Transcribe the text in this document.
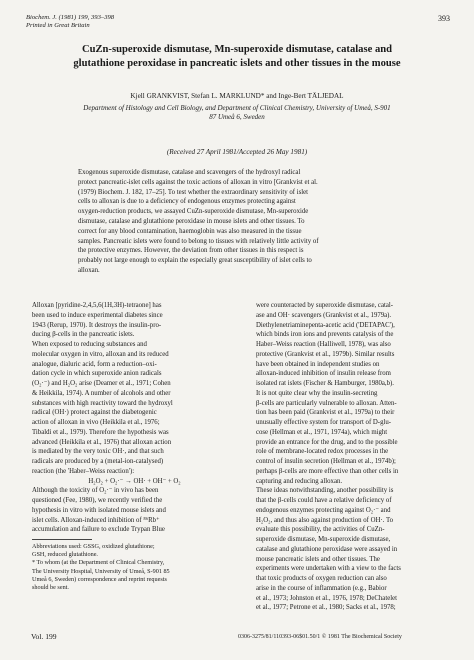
Biochem. J. (1981) 199, 393–398
Printed in Great Britain
393
CuZn-superoxide dismutase, Mn-superoxide dismutase, catalase and
glutathione peroxidase in pancreatic islets and other tissues in the mouse
Kjell GRANKVIST, Stefan L. MARKLUND* and Inge-Bert TÄLJEDAL
Department of Histology and Cell Biology, and Department of Clinical Chemistry, University of Umeå, S-901
87 Umeå 6, Sweden
(Received 27 April 1981/Accepted 26 May 1981)
Exogenous superoxide dismutase, catalase and scavengers of the hydroxyl radical
protect pancreatic-islet cells against the toxic actions of alloxan in vitro [Grankvist et al.
(1979) Biochem. J. 182, 17–25]. To test whether the extraordinary sensitivity of islet
cells to alloxan is due to a deficiency of endogenous enzymes protecting against
oxygen-reduction products, we assayed CuZn-superoxide dismutase, Mn-superoxide
dismutase, catalase and glutathione peroxidase in mouse islets and other tissues. To
correct for any blood contamination, haemoglobin was also measured in the tissue
samples. Pancreatic islets were found to belong to tissues with relatively little activity of
the protective enzymes. However, the deviation from other tissues in this respect is
probably not large enough to explain the especially great susceptibility of islet cells to
alloxan.
Alloxan [pyridine-2,4,5,6(1H,3H)-tetraone] has
been used to induce experimental diabetes since
1943 (Rerup, 1970). It destroys the insulin-pro-
ducing β-cells in the pancreatic islets.
When exposed to reducing substances and
molecular oxygen in vitro, alloxan and its reduced
analogue, dialuric acid, form a reduction–oxi-
dation cycle in which superoxide anion radicals
(O₂·⁻) and H₂O₂ arise (Deamer et al., 1971; Cohen
& Heikkila, 1974). A number of alcohols and other
substances with high reactivity toward the hydroxyl
radical (OH·) protect against the diabetogenic
action of alloxan in vivo (Heikkila et al., 1976;
Tibaldi et al., 1979). Therefore the hypothesis was
advanced (Heikkila et al., 1976) that alloxan action
is mediated by the very toxic OH·, and that such
radicals are produced by a (metal-ion-catalysed)
reaction (the 'Haber–Weiss reaction'):
H₂O₂ + O₂·⁻ → OH· + OH⁻ + O₂
Although the toxicity of O₂·⁻ in vivo has been
questioned (Fee, 1980), we recently verified the
hypothesis in vitro with isolated mouse islets and
islet cells. Alloxan-induced inhibition of ⁸⁶Rb⁺
accumulation and failure to exclude Trypan Blue
Abbreviations used: GSSG, oxidized glutathione;
GSH, reduced glutathione.
* To whom (at the Department of Clinical Chemistry,
The University Hospital, University of Umeå, S-901 85
Umeå 6, Sweden) correspondence and reprint requests
should be sent.
were counteracted by superoxide dismutase, catal-
ase and OH· scavengers (Grankvist et al., 1979a).
Diethylenetriaminepenta-acetic acid ('DETAPAC'),
which binds iron ions and prevents catalysis of the
Haber–Weiss reaction (Halliwell, 1978), was also
protective (Grankvist et al., 1979b). Similar results
have been obtained in independent studies on
alloxan-induced inhibition of insulin release from
isolated rat islets (Fischer & Hamburger, 1980a,b).
It is not quite clear why the insulin-secreting
β-cells are particularly vulnerable to alloxan. Atten-
tion has been paid (Grankvist et al., 1979a) to their
unusually effective system for transport of D-glu-
cose (Hellman et al., 1971, 1974a), which might
provide an entrance for the drug, and to the possible
role of membrane-located redox processes in the
control of insulin secretion (Hellman et al., 1974b);
perhaps β-cells are more effective than other cells in
capturing and reducing alloxan.
These ideas notwithstanding, another possibility is
that the β-cells could have a relative deficiency of
endogenous enzymes protecting against O₂·⁻ and
H₂O₂, and thus also against production of OH·. To
evaluate this possibility, the activities of CuZn-
superoxide dismutase, Mn-superoxide dismutase,
catalase and glutathione peroxidase were assayed in
mouse pancreatic islets and other tissues. The
experiments were undertaken with a view to the facts
that toxic products of oxygen reduction can also
arise in the course of inflammation (e.g., Babior
et al., 1973; Johnston et al., 1976, 1978; DeChatelet
et al., 1977; Petrone et al., 1980; Sacks et al., 1978;
Vol. 199	0306-3275/81/110393-06$01.50/1 © 1981 The Biochemical Society
